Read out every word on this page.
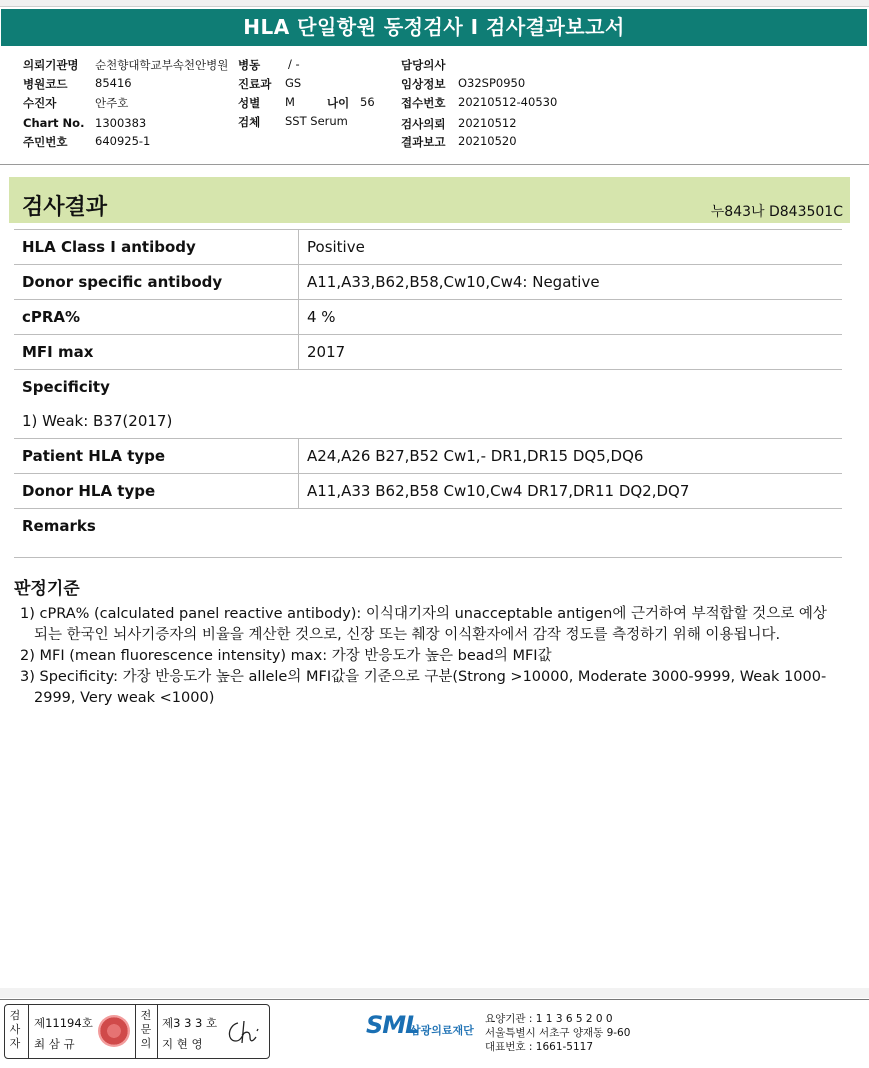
HLA 단일항원 동정검사 I 검사결과보고서
의뢰기관명 순천향대학교부속천안병원 병동 / -	담당의사
병원코드 85416	진료과 GS	임상정보 O32SP0950
수진자	안주호	성별 M	나이 56 접수번호 20210512-40530
Chart No. 1300383	검체 SST Serum	검사의뢰 20210512
주민번호 640925-1	결과보고 20210520
검사결과	누843나 D843501C
HLA Class Ⅰ antibody	Positive
Donor specific antibody	A11,A33,B62,B58,Cw10,Cw4: Negative
cPRA%	4 %
MFI max	2017
Specificity	
1) Weak: B37(2017)	
Patient HLA type	A24,A26 B27,B52 Cw1,- DR1,DR15 DQ5,DQ6
Donor HLA type	A11,A33 B62,B58 Cw10,Cw4 DR17,DR11 DQ2,DQ7
Remarks	

판정기준
1) cPRA% (calculated panel reactive antibody): 이식대기자의 unacceptable antigen에 근거하여 부적합할 것으로 예상되는 한국인 뇌사기증자의 비율을 계산한 것으로, 신장 또는 췌장 이식환자에서 감작 정도를 측정하기 위해 이용됩니다.
2) MFI (mean fluorescence intensity) max: 가장 반응도가 높은 bead의 MFI값
3) Specificity: 가장 반응도가 높은 allele의 MFI값을 기준으로 구분(Strong >10000, Moderate 3000-9999, Weak 1000-2999, Very weak <1000)
검사자
제11194호
최 삼 규
전문의
제3 3 3 호
지 현 영
SML
삼광의료재단
요양기관 : 1 1 3 6 5 2 0 0
서울특별시 서초구 양재동 9-60
대표번호 : 1661-5117
